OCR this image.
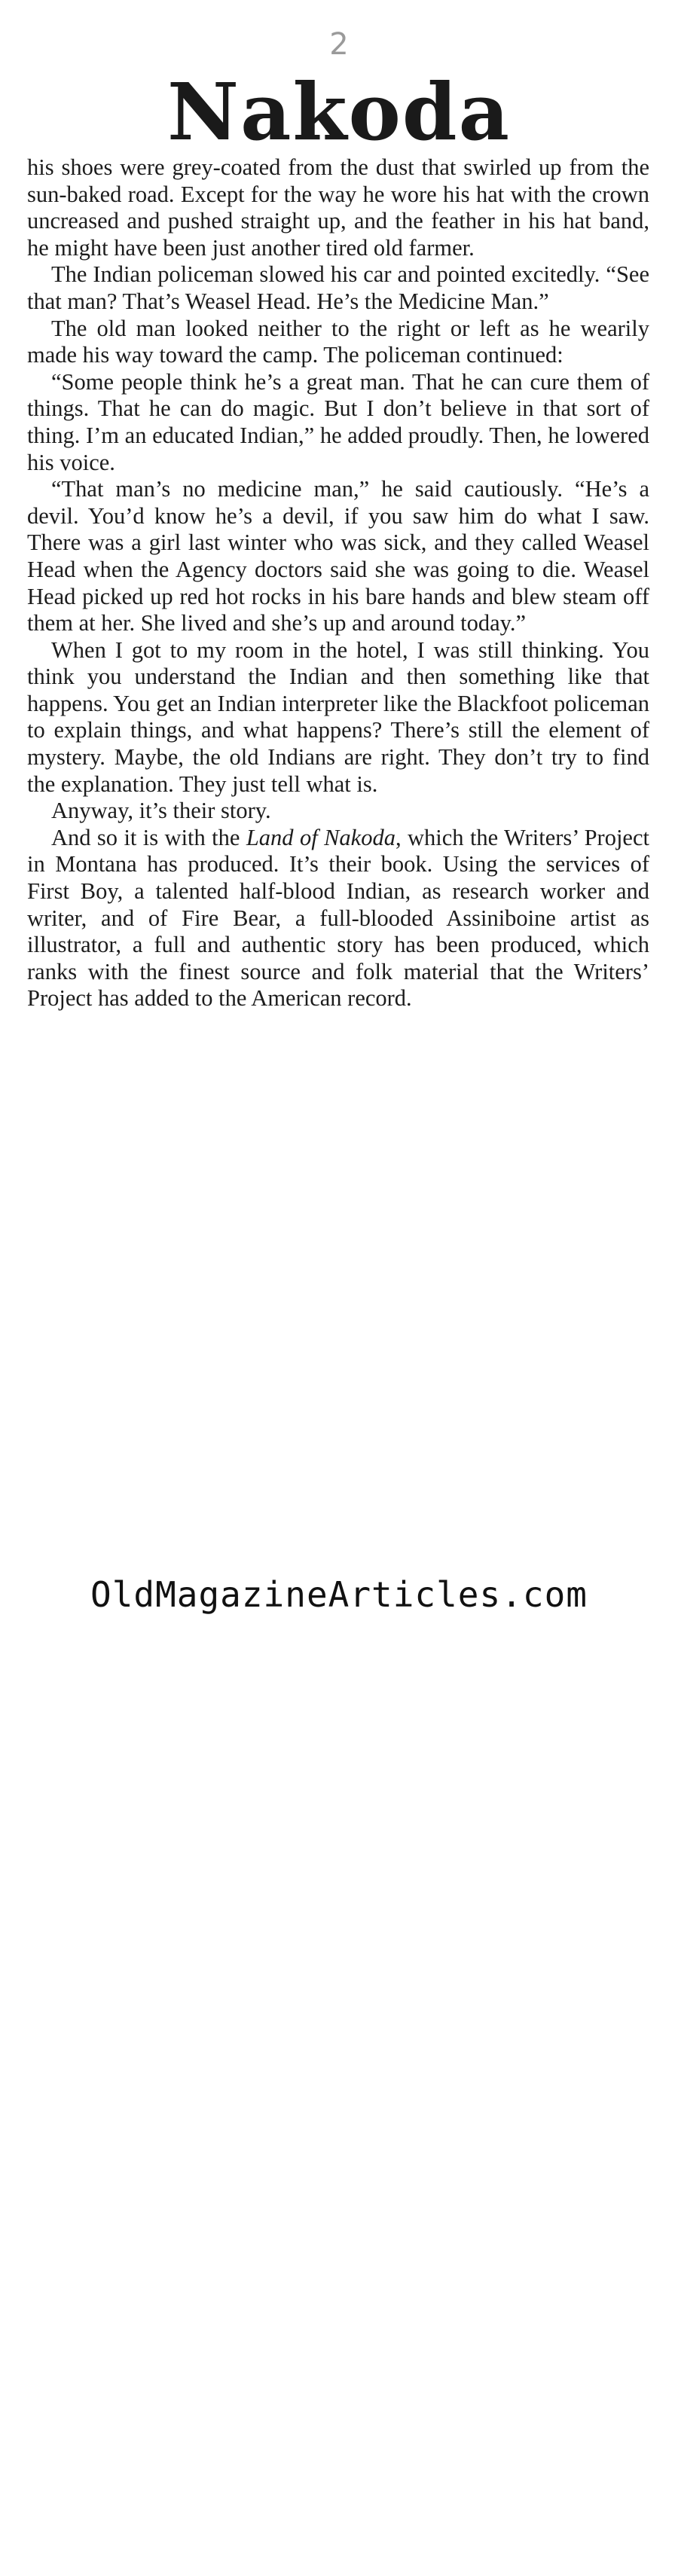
2
Nakoda

his shoes were grey-coated from the dust that swirled up from the sun-baked road. Except for the way he wore his hat with the crown uncreased and pushed straight up, and the feather in his hat band, he might have been just another tired old farmer.

The Indian policeman slowed his car and pointed excitedly. “See that man? That’s Weasel Head. He’s the Medicine Man.”

The old man looked neither to the right or left as he wearily made his way toward the camp. The policeman continued:

“Some people think he’s a great man. That he can cure them of things. That he can do magic. But I don’t believe in that sort of thing. I’m an educated Indian,” he added proudly. Then, he lowered his voice.

“That man’s no medicine man,” he said cautiously. “He’s a devil. You’d know he’s a devil, if you saw him do what I saw. There was a girl last winter who was sick, and they called Weasel Head when the Agency doctors said she was going to die. Weasel Head picked up red hot rocks in his bare hands and blew steam off them at her. She lived and she’s up and around today.”

When I got to my room in the hotel, I was still thinking. You think you understand the Indian and then something like that happens. You get an Indian interpreter like the Blackfoot policeman to explain things, and what happens? There’s still the element of mystery. Maybe, the old Indians are right. They don’t try to find the explanation. They just tell what is.

Anyway, it’s their story.

And so it is with the Land of Nakoda, which the Writers’ Project in Montana has produced. It’s their book. Using the services of First Boy, a talented half-blood Indian, as research worker and writer, and of Fire Bear, a full-blooded Assiniboine artist as illustrator, a full and authentic story has been produced, which ranks with the finest source and folk material that the Writers’ Project has added to the American record.

OldMagazineArticles.com
